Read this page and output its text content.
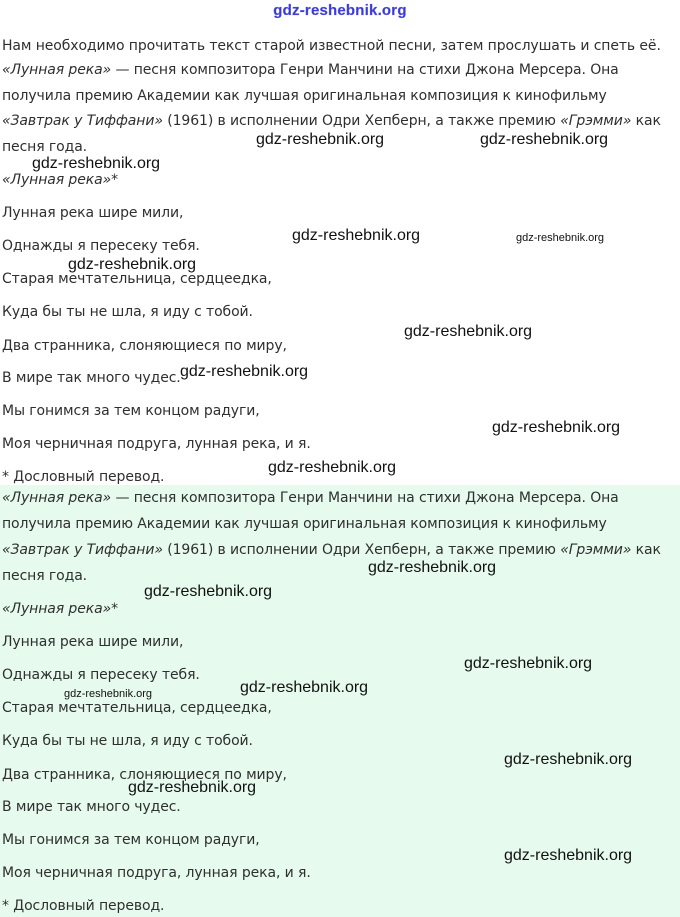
gdz-reshebnik.org
Нам необходимо прочитать текст старой известной песни, затем прослушать и спеть её.
«Лунная река» — песня композитора Генри Манчини на стихи Джона Мерсера. Она
получила премию Академии как лучшая оригинальная композиция к кинофильму
«Завтрак у Тиффани» (1961) в исполнении Одри Хепберн, а также премию «Грэмми» как
песня года.
«Лунная река»*
Лунная река шире мили,
Однажды я пересеку тебя.
Старая мечтательница, сердцеедка,
Куда бы ты не шла, я иду с тобой.
Два странника, слоняющиеся по миру,
В мире так много чудес.
Мы гонимся за тем концом радуги,
Моя черничная подруга, лунная река, и я.
* Дословный перевод.
«Лунная река» — песня композитора Генри Манчини на стихи Джона Мерсера. Она
получила премию Академии как лучшая оригинальная композиция к кинофильму
«Завтрак у Тиффани» (1961) в исполнении Одри Хепберн, а также премию «Грэмми» как
песня года.
«Лунная река»*
Лунная река шире мили,
Однажды я пересеку тебя.
Старая мечтательница, сердцеедка,
Куда бы ты не шла, я иду с тобой.
Два странника, слоняющиеся по миру,
В мире так много чудес.
Мы гонимся за тем концом радуги,
Моя черничная подруга, лунная река, и я.
* Дословный перевод.
gdz-reshebnik.org	gdz-reshebnik.org
gdz-reshebnik.org
gdz-reshebnik.org	gdz-reshebnik.org
gdz-reshebnik.org
gdz-reshebnik.org
gdz-reshebnik.org
gdz-reshebnik.org
gdz-reshebnik.org
gdz-reshebnik.org
gdz-reshebnik.org
gdz-reshebnik.org
gdz-reshebnik.org
gdz-reshebnik.org
gdz-reshebnik.org
gdz-reshebnik.org
gdz-reshebnik.org
